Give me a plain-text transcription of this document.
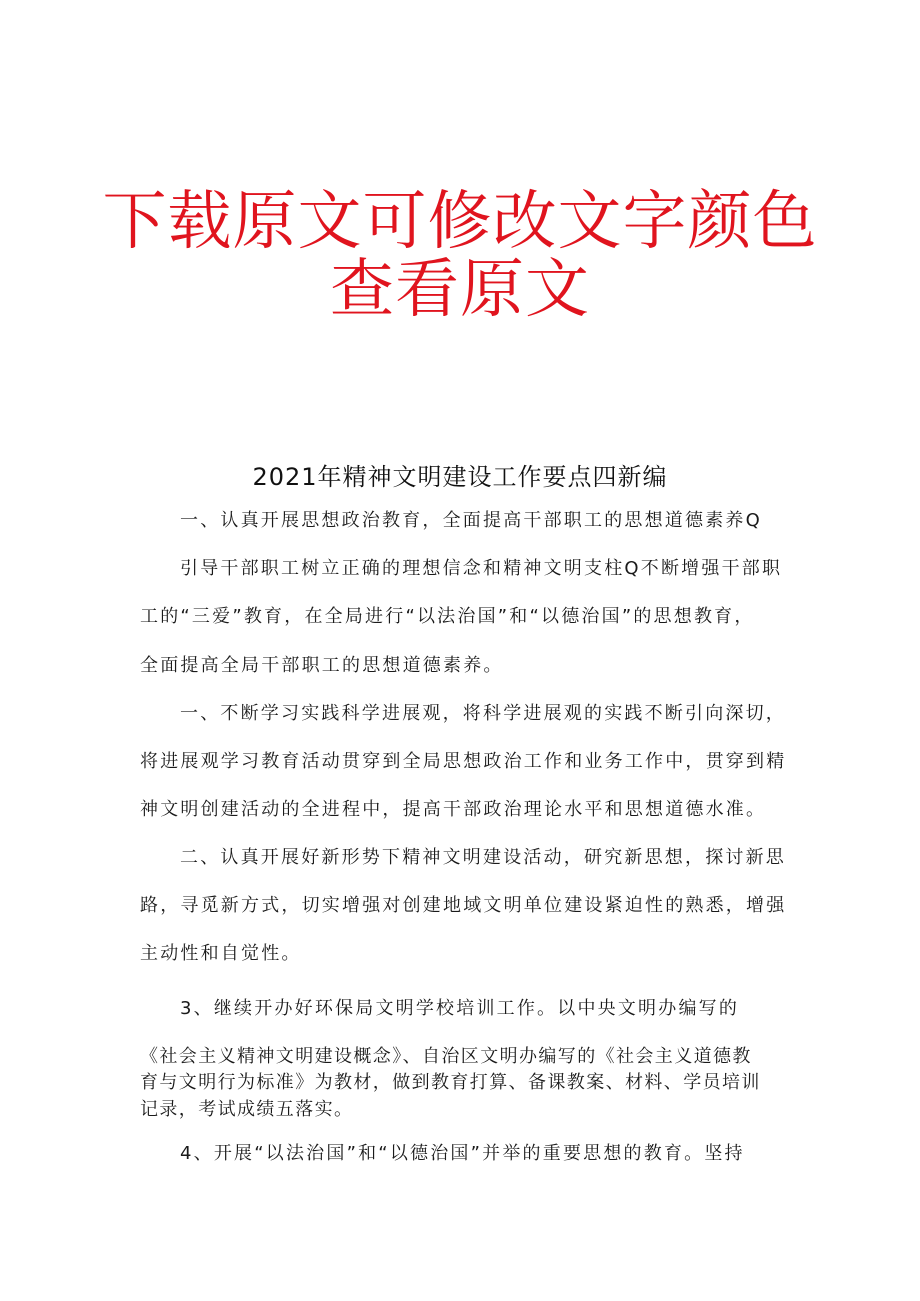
下载原文可修改文字颜色
查看原文
2021年精神文明建设工作要点四新编
一、认真开展思想政治教育，全面提高干部职工的思想道德素养Q
引导干部职工树立正确的理想信念和精神文明支柱Q不断增强干部职
工的“三爱”教育，在全局进行“以法治国”和“以德治国”的思想教育，
全面提高全局干部职工的思想道德素养。
一、不断学习实践科学进展观，将科学进展观的实践不断引向深切，
将进展观学习教育活动贯穿到全局思想政治工作和业务工作中，贯穿到精
神文明创建活动的全进程中，提高干部政治理论水平和思想道德水准。
二、认真开展好新形势下精神文明建设活动，研究新思想，探讨新思
路，寻觅新方式，切实增强对创建地域文明单位建设紧迫性的熟悉，增强
主动性和自觉性。
3、继续开办好环保局文明学校培训工作。以中央文明办编写的
《社会主义精神文明建设概念》、自治区文明办编写的《社会主义道德教
育与文明行为标准》为教材，做到教育打算、备课教案、材料、学员培训
记录，考试成绩五落实。
4、开展“以法治国”和“以德治国”并举的重要思想的教育。坚持
